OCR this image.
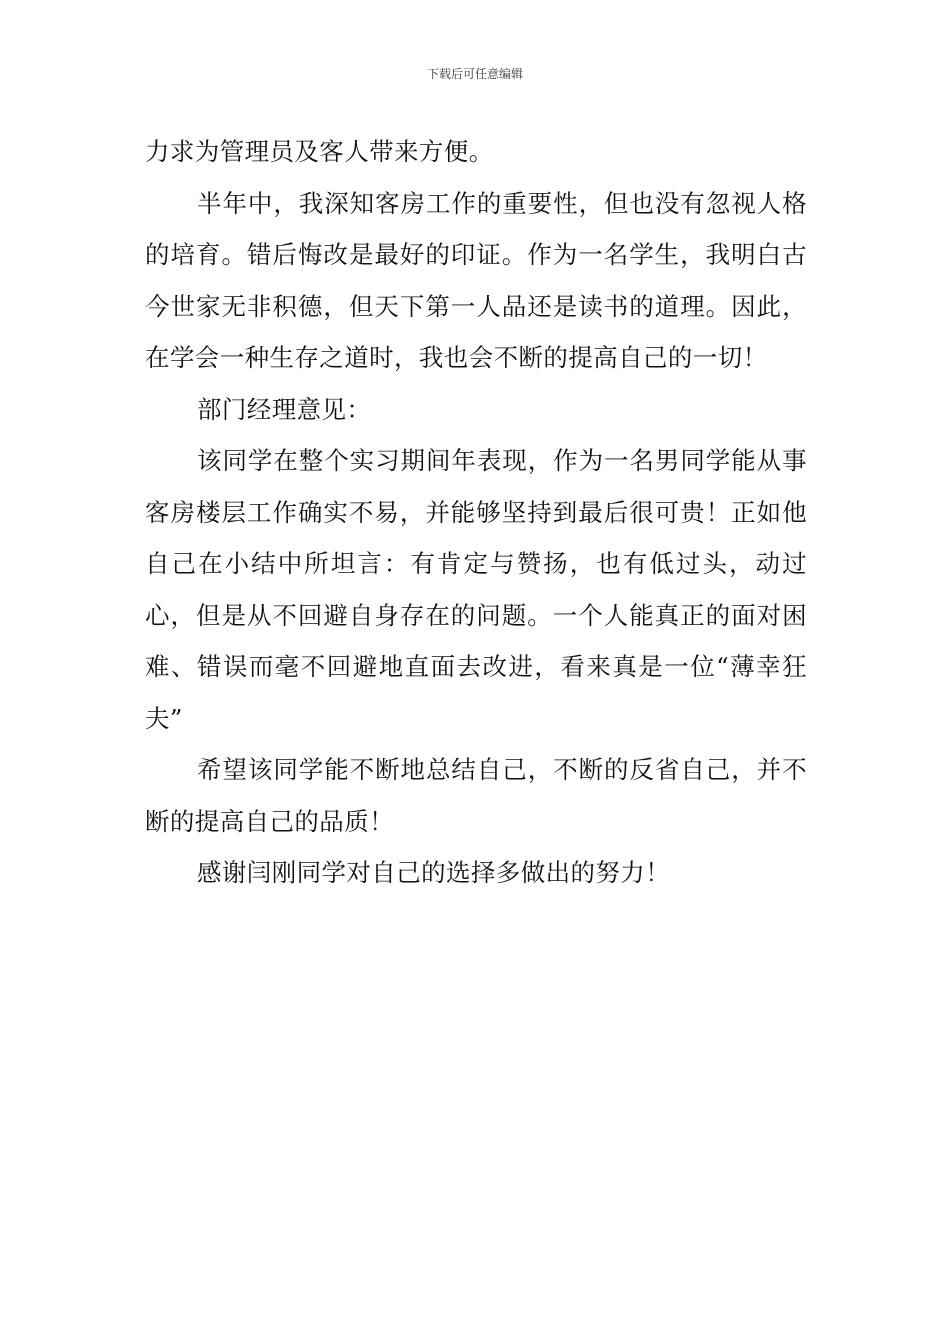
下载后可任意编辑

力求为管理员及客人带来方便。

半年中，我深知客房工作的重要性，但也没有忽视人格的培育。错后悔改是最好的印证。作为一名学生，我明白古今世家无非积德，但天下第一人品还是读书的道理。因此，在学会一种生存之道时，我也会不断的提高自己的一切！

部门经理意见：

该同学在整个实习期间年表现，作为一名男同学能从事客房楼层工作确实不易，并能够坚持到最后很可贵！正如他自己在小结中所坦言：有肯定与赞扬，也有低过头，动过心，但是从不回避自身存在的问题。一个人能真正的面对困难、错误而毫不回避地直面去改进，看来真是一位“薄幸狂夫”

希望该同学能不断地总结自己，不断的反省自己，并不断的提高自己的品质！

感谢闫刚同学对自己的选择多做出的努力！
